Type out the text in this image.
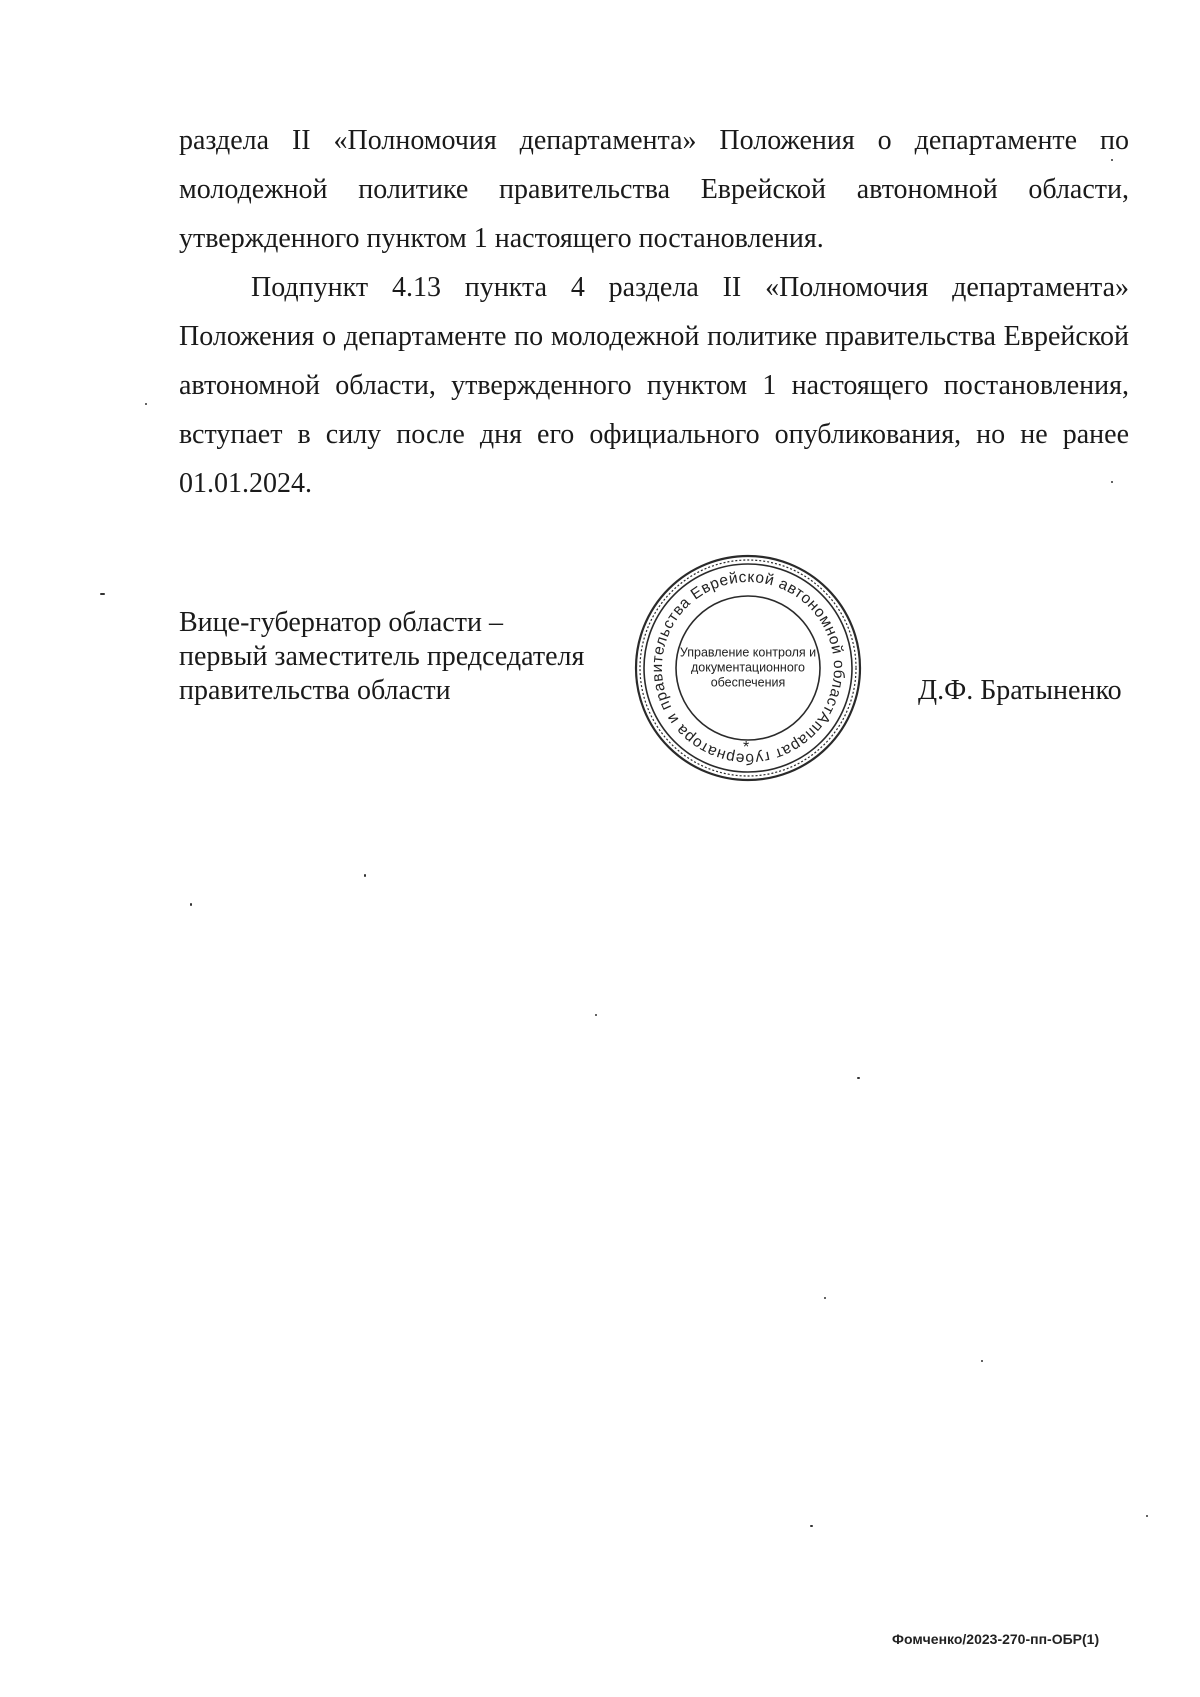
раздела II «Полномочия департамента» Положения о департаменте по молодежной политике правительства Еврейской автономной области, утвержденного пунктом 1 настоящего постановления.

Подпункт 4.13 пункта 4 раздела II «Полномочия департамента» Положения о департаменте по молодежной политике правительства Еврейской автономной области, утвержденного пунктом 1 настоящего постановления, вступает в силу после дня его официального опубликования, но не ранее 01.01.2024.

Вице-губернатор области –
первый заместитель председателя
правительства области
Аппарат губернатора и правительства Еврейской автономной области
*
Управление контроля и
документационного
обеспечения	Д.Ф. Братыненко
Фомченко/2023-270-пп-ОБР(1)
